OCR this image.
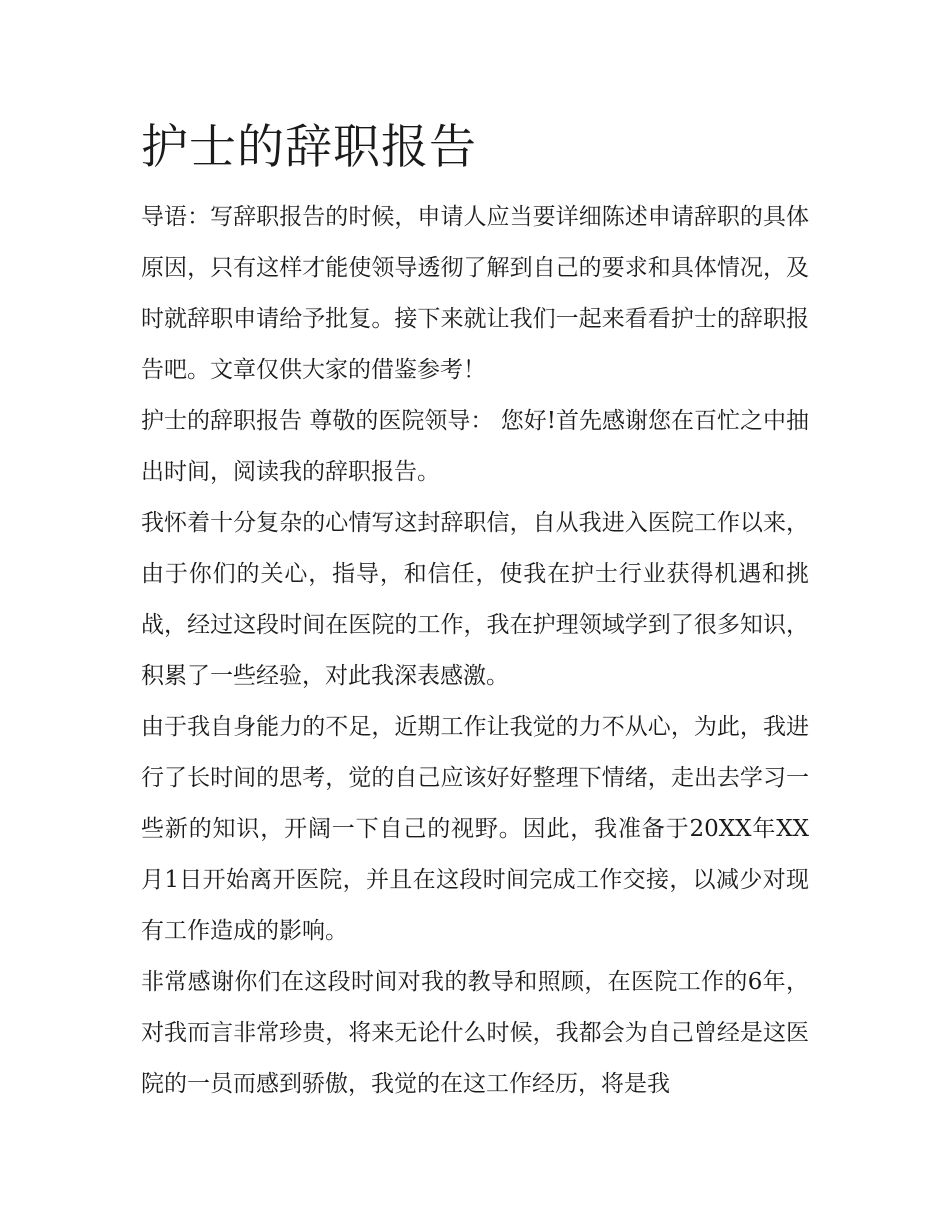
护士的辞职报告

导语：写辞职报告的时候，申请人应当要详细陈述申请辞职的具体原因，只有这样才能使领导透彻了解到自己的要求和具体情况，及时就辞职申请给予批复。接下来就让我们一起来看看护士的辞职报告吧。文章仅供大家的借鉴参考！

护士的辞职报告 尊敬的医院领导： 您好!首先感谢您在百忙之中抽出时间，阅读我的辞职报告。

我怀着十分复杂的心情写这封辞职信，自从我进入医院工作以来，由于你们的关心，指导，和信任，使我在护士行业获得机遇和挑战，经过这段时间在医院的工作，我在护理领域学到了很多知识，积累了一些经验，对此我深表感激。

由于我自身能力的不足，近期工作让我觉的力不从心，为此，我进行了长时间的思考，觉的自己应该好好整理下情绪，走出去学习一些新的知识，开阔一下自己的视野。因此，我准备于20XX年XX月1日开始离开医院，并且在这段时间完成工作交接，以减少对现有工作造成的影响。

非常感谢你们在这段时间对我的教导和照顾，在医院工作的6年，对我而言非常珍贵，将来无论什么时候，我都会为自己曾经是这医院的一员而感到骄傲，我觉的在这工作经历，将是我
